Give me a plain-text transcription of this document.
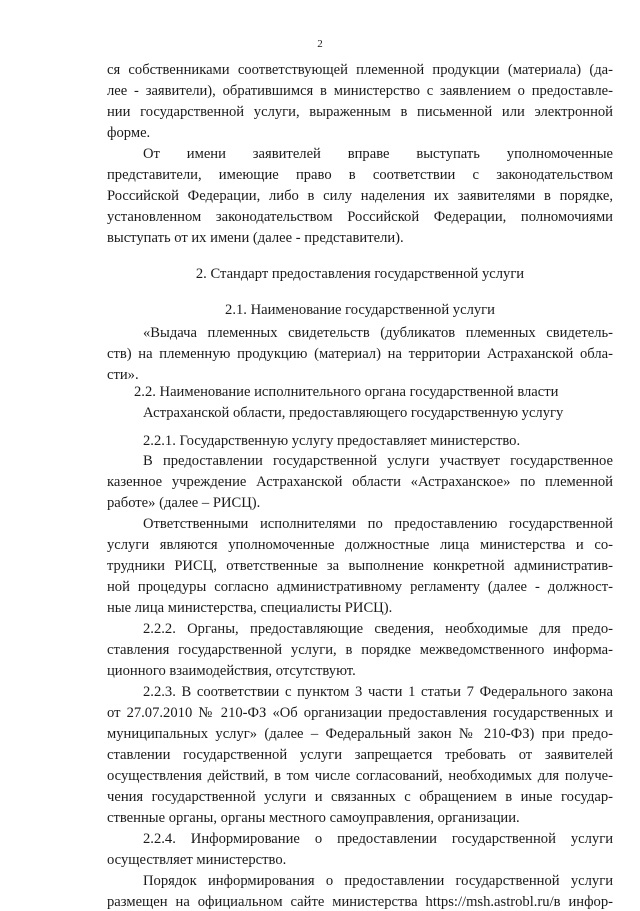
2
ся собственниками соответствующей племенной продукции (материала) (да-
лее - заявители), обратившимся в министерство с заявлением о предоставле-
нии государственной услуги, выраженным в письменной или электронной
форме.
От имени заявителей вправе выступать уполномоченные
представители, имеющие право в соответствии с законодательством
Российской Федерации, либо в силу наделения их заявителями в порядке,
установленном законодательством Российской Федерации, полномочиями
выступать от их имени (далее - представители).
2. Стандарт предоставления государственной услуги
2.1. Наименование государственной услуги
«Выдача племенных свидетельств (дубликатов племенных свидетель-
ств) на племенную продукцию (материал) на территории Астраханской обла-
сти».
2.2. Наименование исполнительного органа государственной власти
Астраханской области, предоставляющего государственную услугу
2.2.1. Государственную услугу предоставляет министерство.
В предоставлении государственной услуги участвует государственное
казенное учреждение Астраханской области «Астраханское» по племенной
работе» (далее – РИСЦ).
Ответственными исполнителями по предоставлению государственной
услуги являются уполномоченные должностные лица министерства и со-
трудники РИСЦ, ответственные за выполнение конкретной административ-
ной процедуры согласно административному регламенту (далее - должност-
ные лица министерства, специалисты РИСЦ).
2.2.2. Органы, предоставляющие сведения, необходимые для предо-
ставления государственной услуги, в порядке межведомственного информа-
ционного взаимодействия, отсутствуют.
2.2.3. В соответствии с пунктом 3 части 1 статьи 7 Федерального закона
от 27.07.2010 № 210-ФЗ «Об организации предоставления государственных и
муниципальных услуг» (далее – Федеральный закон № 210-ФЗ) при предо-
ставлении государственной услуги запрещается требовать от заявителей
осуществления действий, в том числе согласований, необходимых для получе-
чения государственной услуги и связанных с обращением в иные государ-
ственные органы, органы местного самоуправления, организации.
2.2.4. Информирование о предоставлении государственной услуги
осуществляет министерство.
Порядок информирования о предоставлении государственной услуги
размещен на официальном сайте министерства https://msh.astrobl.ru/в инфор-
